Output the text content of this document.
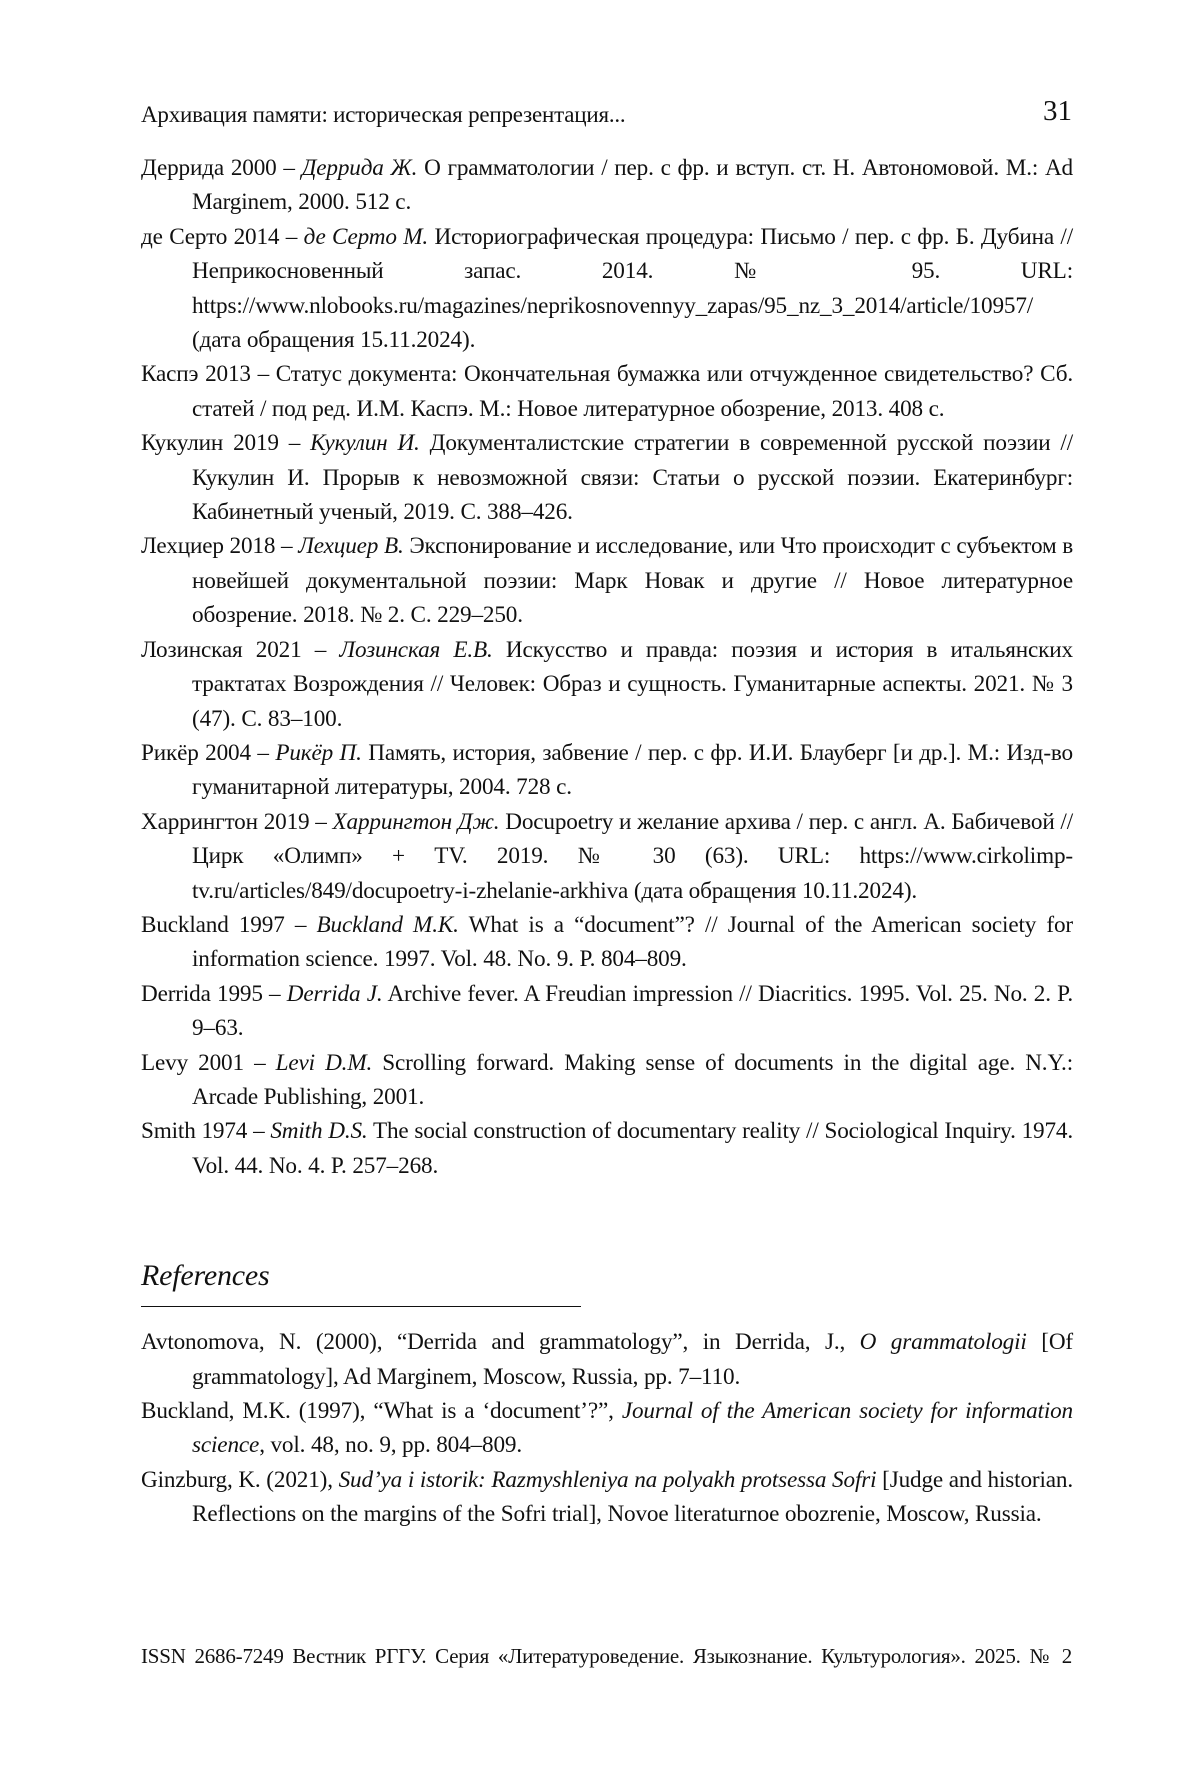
Архивация памяти: историческая репрезентация...	31

Деррида 2000 – Деррида Ж. О грамматологии / пер. с фр. и вступ. ст. Н. Автономовой. М.: Ad Marginem, 2000. 512 с.

де Серто 2014 – де Серто М. Историографическая процедура: Письмо / пер. с фр. Б. Дубина // Неприкосновенный запас. 2014. № 95. URL: https://www.nlobooks.ru/magazines/neprikosnovennyy_zapas/95_nz_3_2014/article/10957/ (дата обращения 15.11.2024).

Каспэ 2013 – Статус документа: Окончательная бумажка или отчужденное свидетельство? Сб. статей / под ред. И.М. Каспэ. М.: Новое литературное обозрение, 2013. 408 с.

Кукулин 2019 – Кукулин И. Документалистские стратегии в современной русской поэзии // Кукулин И. Прорыв к невозможной связи: Статьи о русской поэзии. Екатеринбург: Кабинетный ученый, 2019. С. 388–426.

Лехциер 2018 – Лехциер В. Экспонирование и исследование, или Что происходит с субъектом в новейшей документальной поэзии: Марк Новак и другие // Новое литературное обозрение. 2018. № 2. С. 229–250.

Лозинская 2021 – Лозинская Е.В. Искусство и правда: поэзия и история в итальянских трактатах Возрождения // Человек: Образ и сущность. Гуманитарные аспекты. 2021. № 3 (47). С. 83–100.

Рикёр 2004 – Рикёр П. Память, история, забвение / пер. с фр. И.И. Блауберг [и др.]. М.: Изд-во гуманитарной литературы, 2004. 728 с.

Харрингтон 2019 – Харрингтон Дж. Docupoetry и желание архива / пер. с англ. А. Бабичевой // Цирк «Олимп» + TV. 2019. № 30 (63). URL: https://www.cirkolimp-tv.ru/articles/849/docupoetry-i-zhelanie-arkhiva (дата обращения 10.11.2024).

Buckland 1997 – Buckland M.K. What is a “document”? // Journal of the American society for information science. 1997. Vol. 48. No. 9. P. 804–809.

Derrida 1995 – Derrida J. Archive fever. A Freudian impression // Diacritics. 1995. Vol. 25. No. 2. P. 9–63.

Levy 2001 – Levi D.M. Scrolling forward. Making sense of documents in the digital age. N.Y.: Arcade Publishing, 2001.

Smith 1974 – Smith D.S. The social construction of documentary reality // Sociological Inquiry. 1974. Vol. 44. No. 4. P. 257–268.

References

Avtonomova, N. (2000), “Derrida and grammatology”, in Derrida, J., O grammatologii [Of grammatology], Ad Marginem, Moscow, Russia, pp. 7–110.

Buckland, M.K. (1997), “What is a ‘document’?”, Journal of the American society for information science, vol. 48, no. 9, pp. 804–809.

Ginzburg, K. (2021), Sud’ya i istorik: Razmyshleniya na polyakh protsessa Sofri [Judge and historian. Reflections on the margins of the Sofri trial], Novoe literaturnoe obozrenie, Moscow, Russia.

ISSN 2686-7249 Вестник РГГУ. Серия «Литературоведение. Языкознание. Культурология». 2025. № 2
